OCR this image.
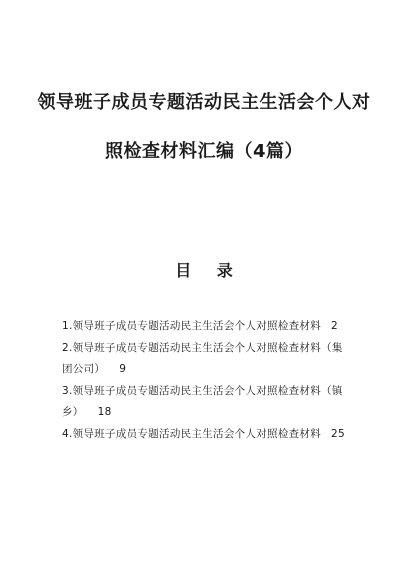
领导班子成员专题活动民主生活会个人对
照检查材料汇编（4篇）
目 录
1.领导班子成员专题活动民主生活会个人对照检查材料 2
2.领导班子成员专题活动民主生活会个人对照检查材料（集
团公司） 9
3.领导班子成员专题活动民主生活会个人对照检查材料（镇
乡） 18
4.领导班子成员专题活动民主生活会个人对照检查材料 25
